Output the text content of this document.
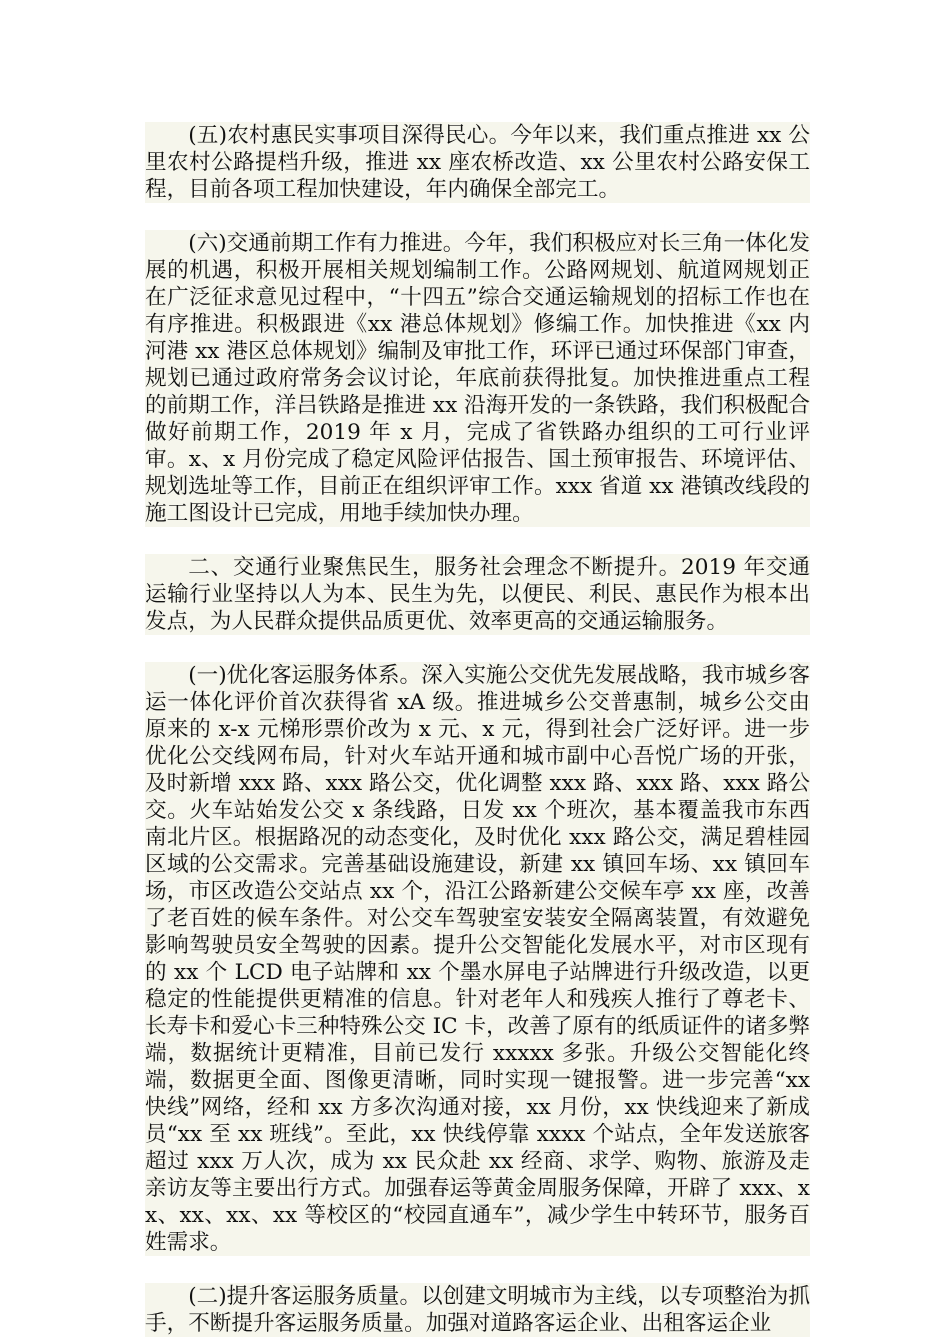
(五)农村惠民实事项目深得民心。今年以来，我们重点推进 xx 公里农村公路提档升级，推进 xx 座农桥改造、xx 公里农村公路安保工程，目前各项工程加快建设，年内确保全部完工。

(六)交通前期工作有力推进。今年，我们积极应对长三角一体化发展的机遇，积极开展相关规划编制工作。公路网规划、航道网规划正在广泛征求意见过程中，“十四五”综合交通运输规划的招标工作也在有序推进。积极跟进《xx 港总体规划》修编工作。加快推进《xx 内河港 xx 港区总体规划》编制及审批工作，环评已通过环保部门审查，规划已通过政府常务会议讨论，年底前获得批复。加快推进重点工程的前期工作，洋吕铁路是推进 xx 沿海开发的一条铁路，我们积极配合做好前期工作，2019 年 x 月，完成了省铁路办组织的工可行业评审。x、x 月份完成了稳定风险评估报告、国土预审报告、环境评估、规划选址等工作，目前正在组织评审工作。xxx 省道 xx 港镇改线段的施工图设计已完成，用地手续加快办理。

二、交通行业聚焦民生，服务社会理念不断提升。2019 年交通运输行业坚持以人为本、民生为先，以便民、利民、惠民作为根本出发点，为人民群众提供品质更优、效率更高的交通运输服务。

(一)优化客运服务体系。深入实施公交优先发展战略，我市城乡客运一体化评价首次获得省 xA 级。推进城乡公交普惠制，城乡公交由原来的 x-x 元梯形票价改为 x 元、x 元，得到社会广泛好评。进一步优化公交线网布局，针对火车站开通和城市副中心吾悦广场的开张，及时新增 xxx 路、xxx 路公交，优化调整 xxx 路、xxx 路、xxx 路公交。火车站始发公交 x 条线路，日发 xx 个班次，基本覆盖我市东西南北片区。根据路况的动态变化，及时优化 xxx 路公交，满足碧桂园区域的公交需求。完善基础设施建设，新建 xx 镇回车场、xx 镇回车场，市区改造公交站点 xx 个，沿江公路新建公交候车亭 xx 座，改善了老百姓的候车条件。对公交车驾驶室安装安全隔离装置，有效避免影响驾驶员安全驾驶的因素。提升公交智能化发展水平，对市区现有的 xx 个 LCD 电子站牌和 xx 个墨水屏电子站牌进行升级改造，以更稳定的性能提供更精准的信息。针对老年人和残疾人推行了尊老卡、长寿卡和爱心卡三种特殊公交 IC 卡，改善了原有的纸质证件的诸多弊端，数据统计更精准，目前已发行 xxxxx 多张。升级公交智能化终端，数据更全面、图像更清晰，同时实现一键报警。进一步完善“xx 快线”网络，经和 xx 方多次沟通对接，xx 月份，xx 快线迎来了新成员“xx 至 xx 班线”。至此，xx 快线停靠 xxxx 个站点，全年发送旅客超过 xxx 万人次，成为 xx 民众赴 xx 经商、求学、购物、旅游及走亲访友等主要出行方式。加强春运等黄金周服务保障，开辟了 xxx、xx、xx、xx、xx 等校区的“校园直通车”，减少学生中转环节，服务百姓需求。

(二)提升客运服务质量。以创建文明城市为主线，以专项整治为抓手，不断提升客运服务质量。加强对道路客运企业、出租客运企业
